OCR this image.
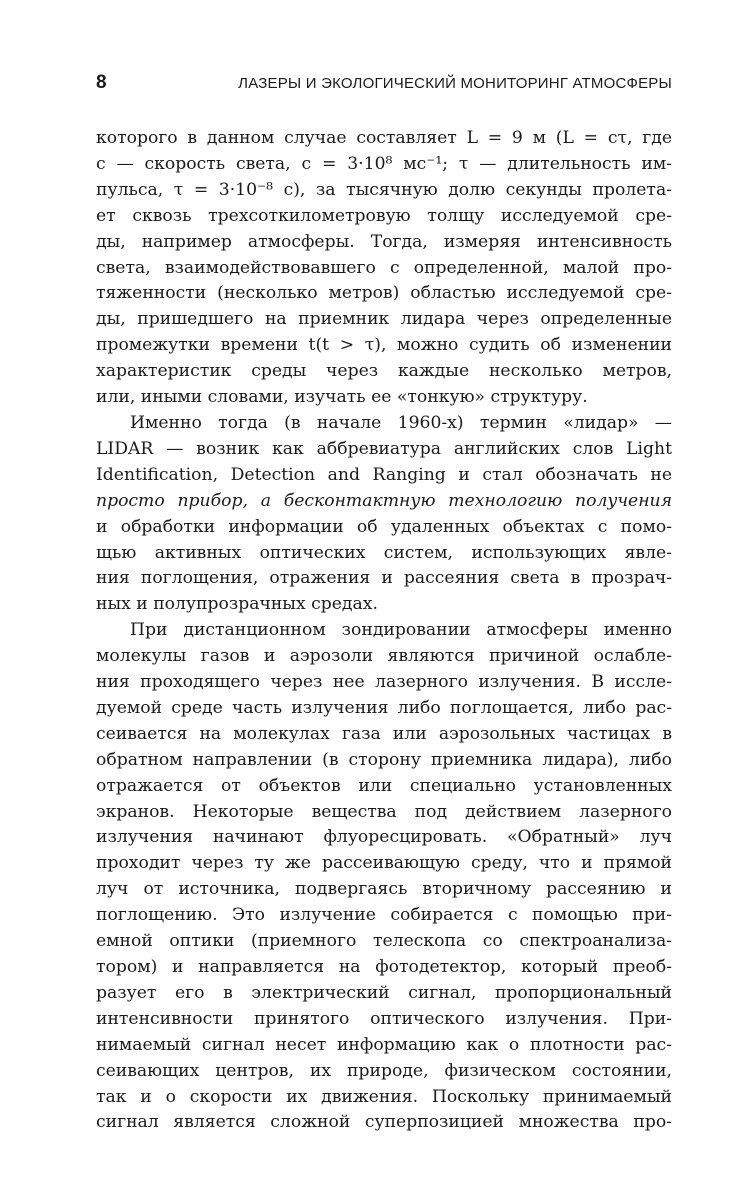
8	ЛАЗЕРЫ И ЭКОЛОГИЧЕСКИЙ МОНИТОРИНГ АТМОСФЕРЫ

которого в данном случае составляет L = 9 м (L = cτ, где
c — скорость света, c = 3·10⁸ мс⁻¹; τ — длительность им-
пульса, τ = 3·10⁻⁸ с), за тысячную долю секунды пролета-
ет сквозь трехсоткилометровую толщу исследуемой сре-
ды, например атмосферы. Тогда, измеряя интенсивность
света, взаимодействовавшего с определенной, малой про-
тяженности (несколько метров) областью исследуемой сре-
ды, пришедшего на приемник лидара через определенные
промежутки времени t(t > τ), можно судить об изменении
характеристик среды через каждые несколько метров,
или, иными словами, изучать ее «тонкую» структуру.

Именно тогда (в начале 1960-х) термин «лидар» —
LIDAR — возник как аббревиатура английских слов Light
Identification, Detection and Ranging и стал обозначать не
просто прибор, а бесконтактную технологию получения
и обработки информации об удаленных объектах с помо-
щью активных оптических систем, использующих явле-
ния поглощения, отражения и рассеяния света в прозрач-
ных и полупрозрачных средах.

При дистанционном зондировании атмосферы именно
молекулы газов и аэрозоли являются причиной ослабле-
ния проходящего через нее лазерного излучения. В иссле-
дуемой среде часть излучения либо поглощается, либо рас-
сеивается на молекулах газа или аэрозольных частицах в
обратном направлении (в сторону приемника лидара), либо
отражается от объектов или специально установленных
экранов. Некоторые вещества под действием лазерного
излучения начинают флуоресцировать. «Обратный» луч
проходит через ту же рассеивающую среду, что и прямой
луч от источника, подвергаясь вторичному рассеянию и
поглощению. Это излучение собирается с помощью при-
емной оптики (приемного телескопа со спектроанализа-
тором) и направляется на фотодетектор, который преоб-
разует его в электрический сигнал, пропорциональный
интенсивности принятого оптического излучения. При-
нимаемый сигнал несет информацию как о плотности рас-
сеивающих центров, их природе, физическом состоянии,
так и о скорости их движения. Поскольку принимаемый
сигнал является сложной суперпозицией множества про-
